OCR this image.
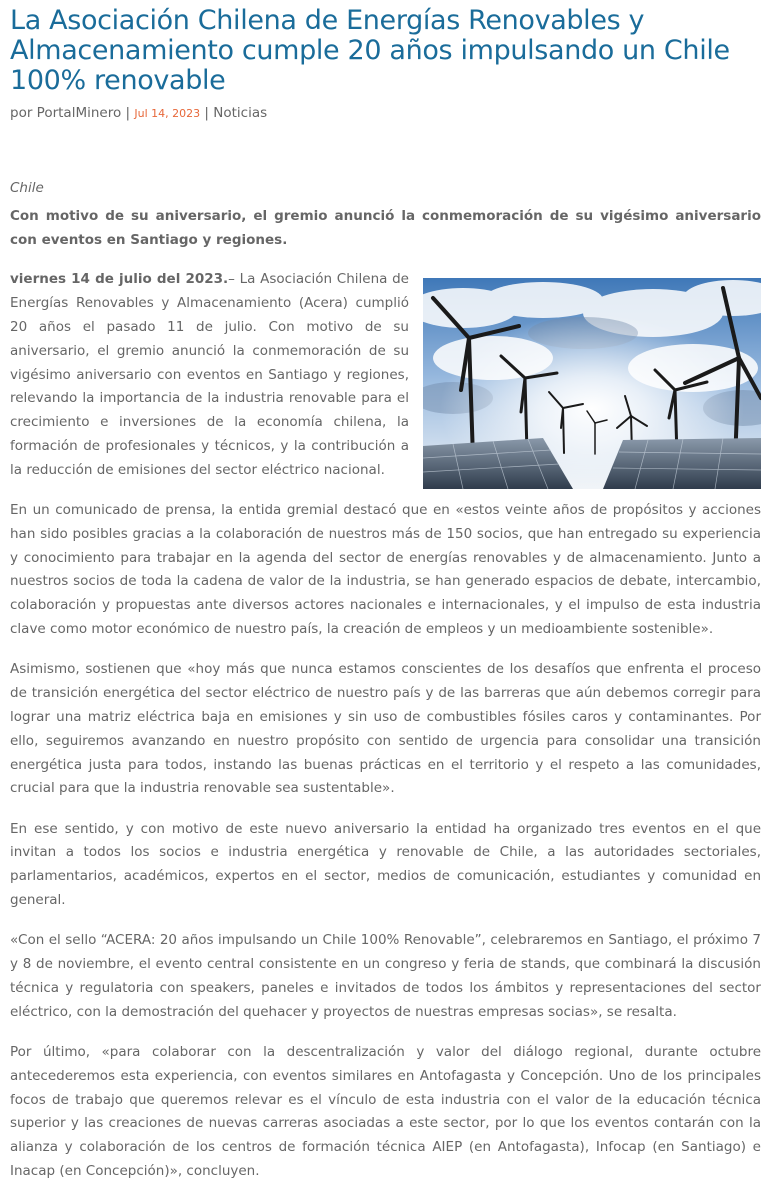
La Asociación Chilena de Energías Renovables y Almacenamiento cumple 20 años impulsando un Chile 100% renovable
por PortalMinero | Jul 14, 2023 | Noticias

Chile

Con motivo de su aniversario, el gremio anunció la conmemoración de su vigésimo aniversario con eventos en Santiago y regiones.

viernes 14 de julio del 2023.– La Asociación Chilena de Energías Renovables y Almacenamiento (Acera) cumplió 20 años el pasado 11 de julio. Con motivo de su aniversario, el gremio anunció la conmemoración de su vigésimo aniversario con eventos en Santiago y regiones, relevando la importancia de la industria renovable para el crecimiento e inversiones de la economía chilena, la formación de profesionales y técnicos, y la contribución a la reducción de emisiones del sector eléctrico nacional.

En un comunicado de prensa, la entida gremial destacó que en «estos veinte años de propósitos y acciones han sido posibles gracias a la colaboración de nuestros más de 150 socios, que han entregado su experiencia y conocimiento para trabajar en la agenda del sector de energías renovables y de almacenamiento. Junto a nuestros socios de toda la cadena de valor de la industria, se han generado espacios de debate, intercambio, colaboración y propuestas ante diversos actores nacionales e internacionales, y el impulso de esta industria clave como motor económico de nuestro país, la creación de empleos y un medioambiente sostenible».

Asimismo, sostienen que «hoy más que nunca estamos conscientes de los desafíos que enfrenta el proceso de transición energética del sector eléctrico de nuestro país y de las barreras que aún debemos corregir para lograr una matriz eléctrica baja en emisiones y sin uso de combustibles fósiles caros y contaminantes. Por ello, seguiremos avanzando en nuestro propósito con sentido de urgencia para consolidar una transición energética justa para todos, instando las buenas prácticas en el territorio y el respeto a las comunidades, crucial para que la industria renovable sea sustentable».

En ese sentido, y con motivo de este nuevo aniversario la entidad ha organizado tres eventos en el que invitan a todos los socios e industria energética y renovable de Chile, a las autoridades sectoriales, parlamentarios, académicos, expertos en el sector, medios de comunicación, estudiantes y comunidad en general.

«Con el sello “ACERA: 20 años impulsando un Chile 100% Renovable”, celebraremos en Santiago, el próximo 7 y 8 de noviembre, el evento central consistente en un congreso y feria de stands, que combinará la discusión técnica y regulatoria con speakers, paneles e invitados de todos los ámbitos y representaciones del sector eléctrico, con la demostración del quehacer y proyectos de nuestras empresas socias», se resalta.

Por último, «para colaborar con la descentralización y valor del diálogo regional, durante octubre antecederemos esta experiencia, con eventos similares en Antofagasta y Concepción. Uno de los principales focos de trabajo que queremos relevar es el vínculo de esta industria con el valor de la educación técnica superior y las creaciones de nuevas carreras asociadas a este sector, por lo que los eventos contarán con la alianza y colaboración de los centros de formación técnica AIEP (en Antofagasta), Infocap (en Santiago) e Inacap (en Concepción)», concluyen.
